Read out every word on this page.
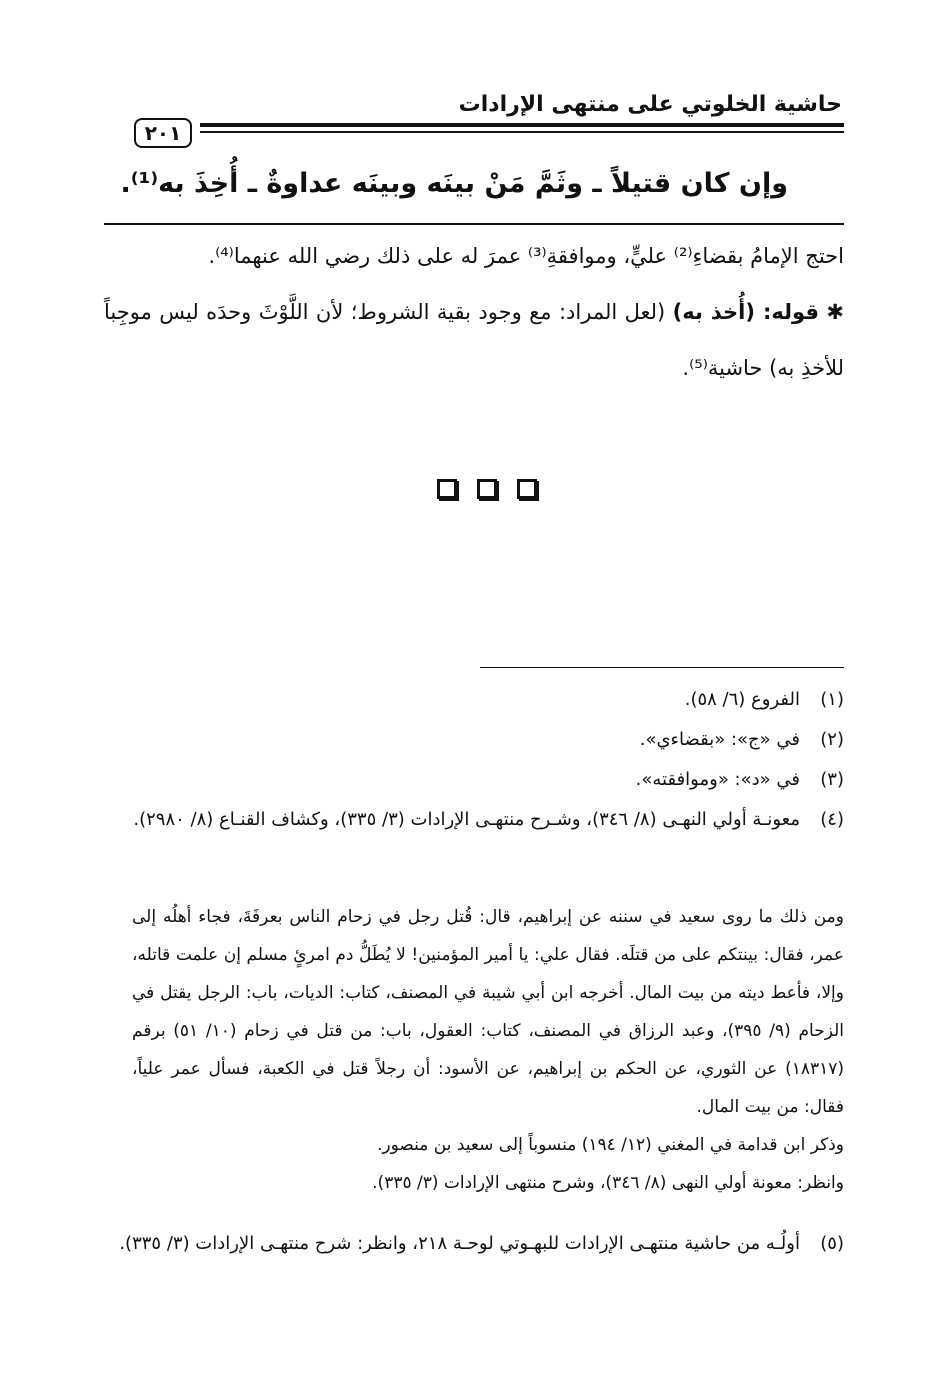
حاشية الخلوتي على منتهى الإرادات
٢٠١
وإن كان قتيلاً ـ وثَمَّ مَنْ بينَه وبينَه عداوةٌ ـ أُخِذَ به⁽¹⁾.
احتج الإمامُ بقضاءِ⁽²⁾ عليٍّ، وموافقةِ⁽³⁾ عمرَ له على ذلك رضي الله عنهما⁽⁴⁾.
✱ قوله: (أُخذ به) (لعل المراد: مع وجود بقية الشروط؛ لأن اللَّوْثَ وحدَه ليس موجِباً للأخذِ به) حاشية⁽⁵⁾.
(١)
الفروع (٦/ ٥٨).
(٢)
في «ج»: «بقضاءي».
(٣)
في «د»: «وموافقته».
(٤)
معونـة أولي النهـى (٨/ ٣٤٦)، وشـرح منتهـى الإرادات (٣/ ٣٣٥)، وكشاف القنـاع (٨/ ٢٩٨٠).
ومن ذلك ما روى سعيد في سننه عن إبراهيم، قال: قُتل رجل في زحام الناس بعرفَةَ، فجاء أهلُه إلى عمر، فقال: بينتكم على من قتلَه. فقال علي: يا أمير المؤمنين! لا يُطَلُّ دم امرئٍ مسلم إن علمت قاتله، وإلا، فأعط ديته من بيت المال. أخرجه ابن أبي شيبة في المصنف، كتاب: الديات، باب: الرجل يقتل في الزحام (٩/ ٣٩٥)، وعبد الرزاق في المصنف، كتاب: العقول، باب: من قتل في زحام (١٠/ ٥١) برقم (١٨٣١٧) عن الثوري، عن الحكم بن إبراهيم، عن الأسود: أن رجلاً قتل في الكعبة، فسأل عمر علياً، فقال: من بيت المال.
وذكر ابن قدامة في المغني (١٢/ ١٩٤) منسوباً إلى سعيد بن منصور.
وانظر: معونة أولي النهى (٨/ ٣٤٦)، وشرح منتهى الإرادات (٣/ ٣٣٥).
(٥)
أولُـه من حاشية منتهـى الإرادات للبهـوتي لوحـة ٢١٨، وانظر: شرح منتهـى الإرادات (٣/ ٣٣٥).
